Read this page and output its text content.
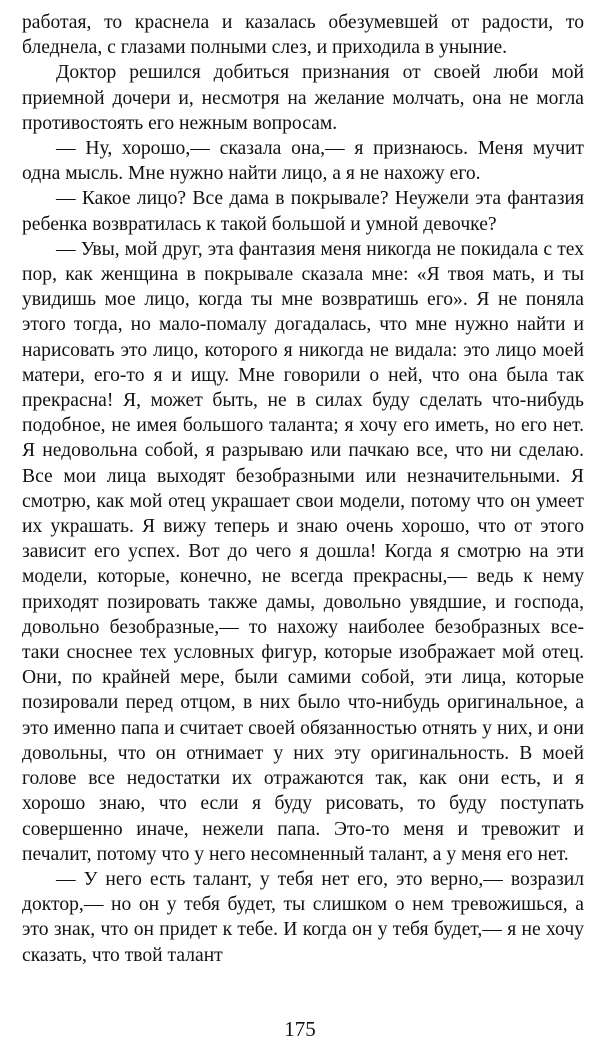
работая, то краснела и казалась обезумевшей от радости, то бледнела, с глазами полными слез, и приходила в уныние.

Доктор решился добиться признания от своей люби мой приемной дочери и, несмотря на желание молчать, она не могла противостоять его нежным вопросам.

— Ну, хорошо,— сказала она,— я признаюсь. Меня мучит одна мысль. Мне нужно найти лицо, а я не нахожу его.

— Какое лицо? Все дама в покрывале? Неужели эта фантазия ребенка возвратилась к такой большой и умной девочке?

— Увы, мой друг, эта фантазия меня никогда не покидала с тех пор, как женщина в покрывале сказала мне: «Я твоя мать, и ты увидишь мое лицо, когда ты мне возвратишь его». Я не поняла этого тогда, но мало-помалу догадалась, что мне нужно найти и нарисовать это лицо, которого я никогда не видала: это лицо моей матери, его-то я и ищу. Мне говорили о ней, что она была так прекрасна! Я, может быть, не в силах буду сделать что-нибудь подобное, не имея большого таланта; я хочу его иметь, но его нет. Я недовольна собой, я разрываю или пачкаю все, что ни сделаю. Все мои лица выходят безобразными или незначительными. Я смотрю, как мой отец украшает свои модели, потому что он умеет их украшать. Я вижу теперь и знаю очень хорошо, что от этого зависит его успех. Вот до чего я дошла! Когда я смотрю на эти модели, которые, конечно, не всегда прекрасны,— ведь к нему приходят позировать также дамы, довольно увядшие, и господа, довольно безобразные,— то нахожу наиболее безобразных все-таки сноснее тех условных фигур, которые изображает мой отец. Они, по крайней мере, были самими собой, эти лица, которые позировали перед отцом, в них было что-нибудь оригинальное, а это именно папа и считает своей обязанностью отнять у них, и они довольны, что он отнимает у них эту оригинальность. В моей голове все недостатки их отражаются так, как они есть, и я хорошо знаю, что если я буду рисовать, то буду поступать совершенно иначе, нежели папа. Это-то меня и тревожит и печалит, потому что у него несомненный талант, а у меня его нет.

— У него есть талант, у тебя нет его, это верно,— возразил доктор,— но он у тебя будет, ты слишком о нем тревожишься, а это знак, что он придет к тебе. И когда он у тебя будет,— я не хочу сказать, что твой талант

175
